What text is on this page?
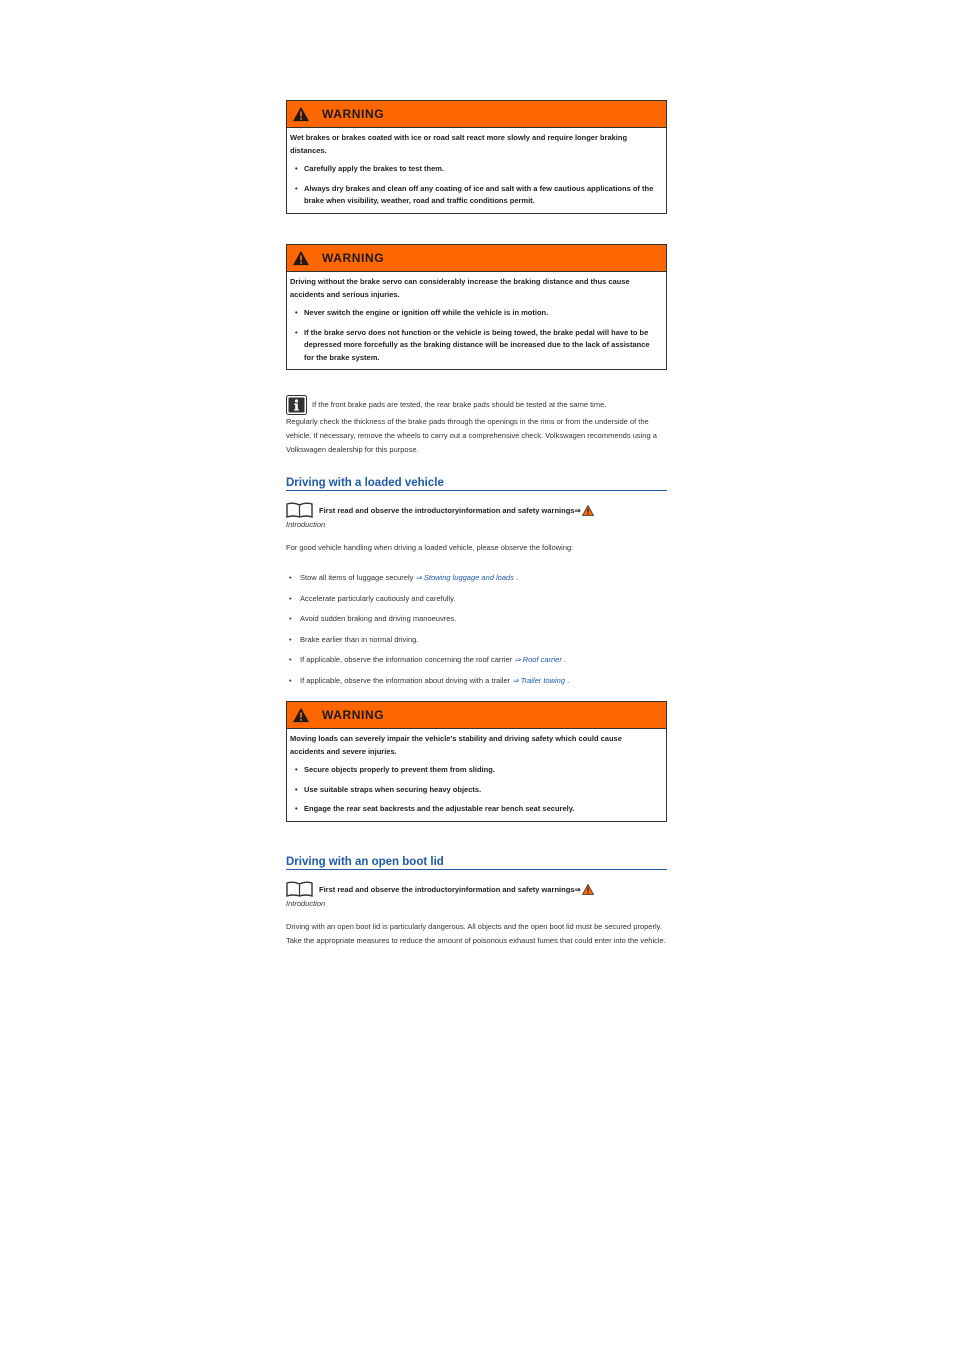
WARNING

Wet brakes or brakes coated with ice or road salt react more slowly and require longer braking distances.

• Carefully apply the brakes to test them.
• Always dry brakes and clean off any coating of ice and salt with a few cautious applications of the brake when visibility, weather, road and traffic conditions permit.
WARNING

Driving without the brake servo can considerably increase the braking distance and thus cause accidents and serious injuries.

• Never switch the engine or ignition off while the vehicle is in motion.
• If the brake servo does not function or the vehicle is being towed, the brake pedal will have to be depressed more forcefully as the braking distance will be increased due to the lack of assistance for the brake system.
If the front brake pads are tested, the rear brake pads should be tested at the same time.
Regularly check the thickness of the brake pads through the openings in the rims or from the underside of the vehicle. If necessary, remove the wheels to carry out a comprehensive check. Volkswagen recommends using a Volkswagen dealership for this purpose.
Driving with a loaded vehicle
First read and observe the introductoryinformation and safety warnings ⇒
Introduction
For good vehicle handling when driving a loaded vehicle, please observe the following:
• Stow all items of luggage securely ⇒ Stowing luggage and loads .
• Accelerate particularly cautiously and carefully.
• Avoid sudden braking and driving manoeuvres.
• Brake earlier than in normal driving.
• If applicable, observe the information concerning the roof carrier ⇒ Roof carrier .
• If applicable, observe the information about driving with a trailer ⇒ Trailer towing .
WARNING

Moving loads can severely impair the vehicle's stability and driving safety which could cause accidents and severe injuries.

• Secure objects properly to prevent them from sliding.
• Use suitable straps when securing heavy objects.
• Engage the rear seat backrests and the adjustable rear bench seat securely.
Driving with an open boot lid
First read and observe the introductoryinformation and safety warnings ⇒
Introduction
Driving with an open boot lid is particularly dangerous. All objects and the open boot lid must be secured properly. Take the appropriate measures to reduce the amount of poisonous exhaust fumes that could enter into the vehicle.
